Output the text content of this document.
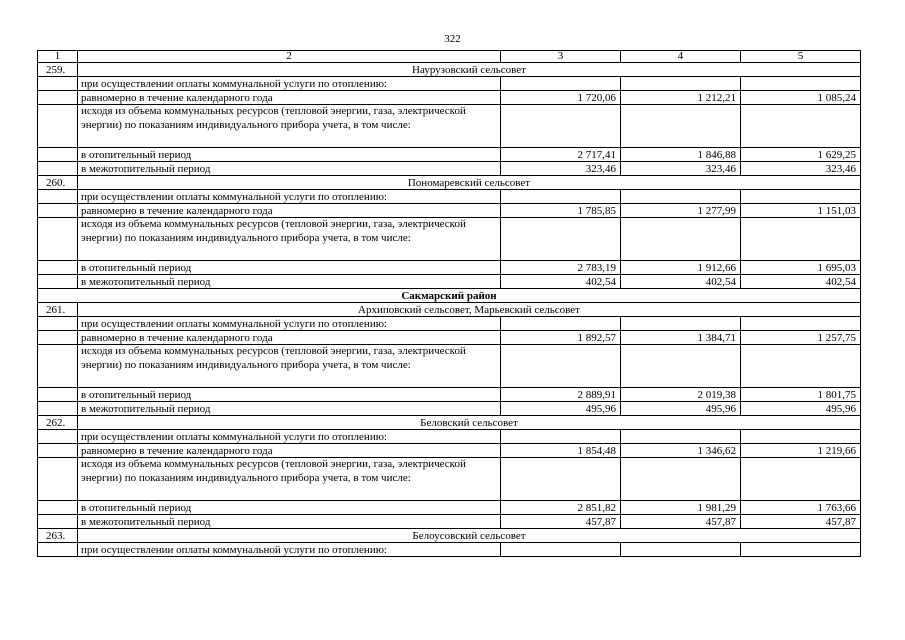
322
1	2	3	4	5
259.	Наурузовский сельсовет			
	при осуществлении оплаты коммунальной услуги по отоплению:			
	равномерно в течение календарного года	1 720,06	1 212,21	1 085,24
	исходя из объема коммунальных ресурсов (тепловой энергии, газа, электрической энергии) по показаниям индивидуального прибора учета, в том числе:			
	в отопительный период	2 717,41	1 846,88	1 629,25
	в межотопительный период	323,46	323,46	323,46
260.	Пономаревский сельсовет			
	при осуществлении оплаты коммунальной услуги по отоплению:			
	равномерно в течение календарного года	1 785,85	1 277,99	1 151,03
	исходя из объема коммунальных ресурсов (тепловой энергии, газа, электрической энергии) по показаниям индивидуального прибора учета, в том числе:			
	в отопительный период	2 783,19	1 912,66	1 695,03
	в межотопительный период	402,54	402,54	402,54
Сакмарский район				
261.	Архиповский сельсовет, Марьевский сельсовет			
	при осуществлении оплаты коммунальной услуги по отоплению:			
	равномерно в течение календарного года	1 892,57	1 384,71	1 257,75
	исходя из объема коммунальных ресурсов (тепловой энергии, газа, электрической энергии) по показаниям индивидуального прибора учета, в том числе:			
	в отопительный период	2 889,91	2 019,38	1 801,75
	в межотопительный период	495,96	495,96	495,96
262.	Беловский сельсовет			
	при осуществлении оплаты коммунальной услуги по отоплению:			
	равномерно в течение календарного года	1 854,48	1 346,62	1 219,66
	исходя из объема коммунальных ресурсов (тепловой энергии, газа, электрической энергии) по показаниям индивидуального прибора учета, в том числе:			
	в отопительный период	2 851,82	1 981,29	1 763,66
	в межотопительный период	457,87	457,87	457,87
263.	Белоусовский сельсовет			
	при осуществлении оплаты коммунальной услуги по отоплению:			
